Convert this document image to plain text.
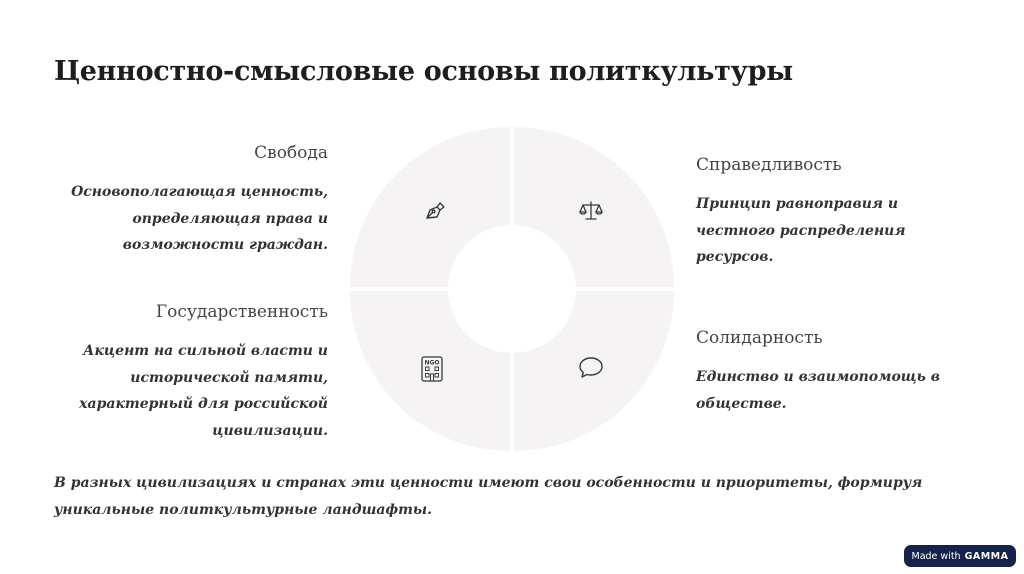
Ценностно-смысловые основы политкультуры
Свобода
Основополагающая ценность,
определяющая права и
возможности граждан.
Справедливость
Принцип равноправия и
честного распределения
ресурсов.
Государственность
Акцент на сильной власти и
исторической памяти,
характерный для российской
цивилизации.
Солидарность
Единство и взаимопомощь в
обществе.
NGO
В разных цивилизациях и странах эти ценности имеют свои особенности и приоритеты, формируя
уникальные политкультурные ландшафты.
Made with GAMMA
